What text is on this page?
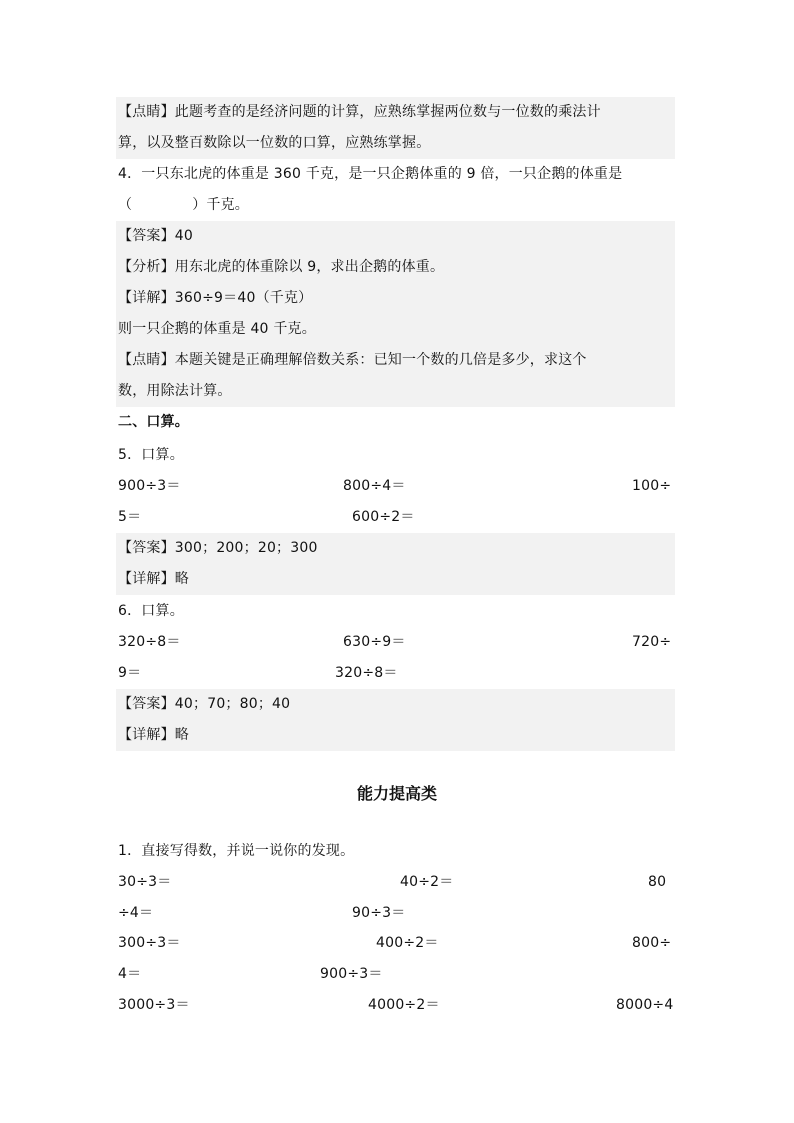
【点睛】此题考查的是经济问题的计算，应熟练掌握两位数与一位数的乘法计
算，以及整百数除以一位数的口算，应熟练掌握。
4．一只东北虎的体重是 360 千克，是一只企鹅体重的 9 倍，一只企鹅的体重是
（	）千克。
【答案】40
【分析】用东北虎的体重除以 9，求出企鹅的体重。
【详解】360÷9＝40（千克）
则一只企鹅的体重是 40 千克。
【点睛】本题关键是正确理解倍数关系：已知一个数的几倍是多少，求这个
数，用除法计算。
二、口算。
5．口算。
900÷3＝	800÷4＝	100÷
5＝	600÷2＝
【答案】300；200；20；300
【详解】略
6．口算。
320÷8＝	630÷9＝	720÷
9＝	320÷8＝
【答案】40；70；80；40
【详解】略
能力提高类
1．直接写得数，并说一说你的发现。
30÷3＝	40÷2＝	80
÷4＝	90÷3＝
300÷3＝	400÷2＝	800÷
4＝	900÷3＝
3000÷3＝	4000÷2＝	8000÷4
